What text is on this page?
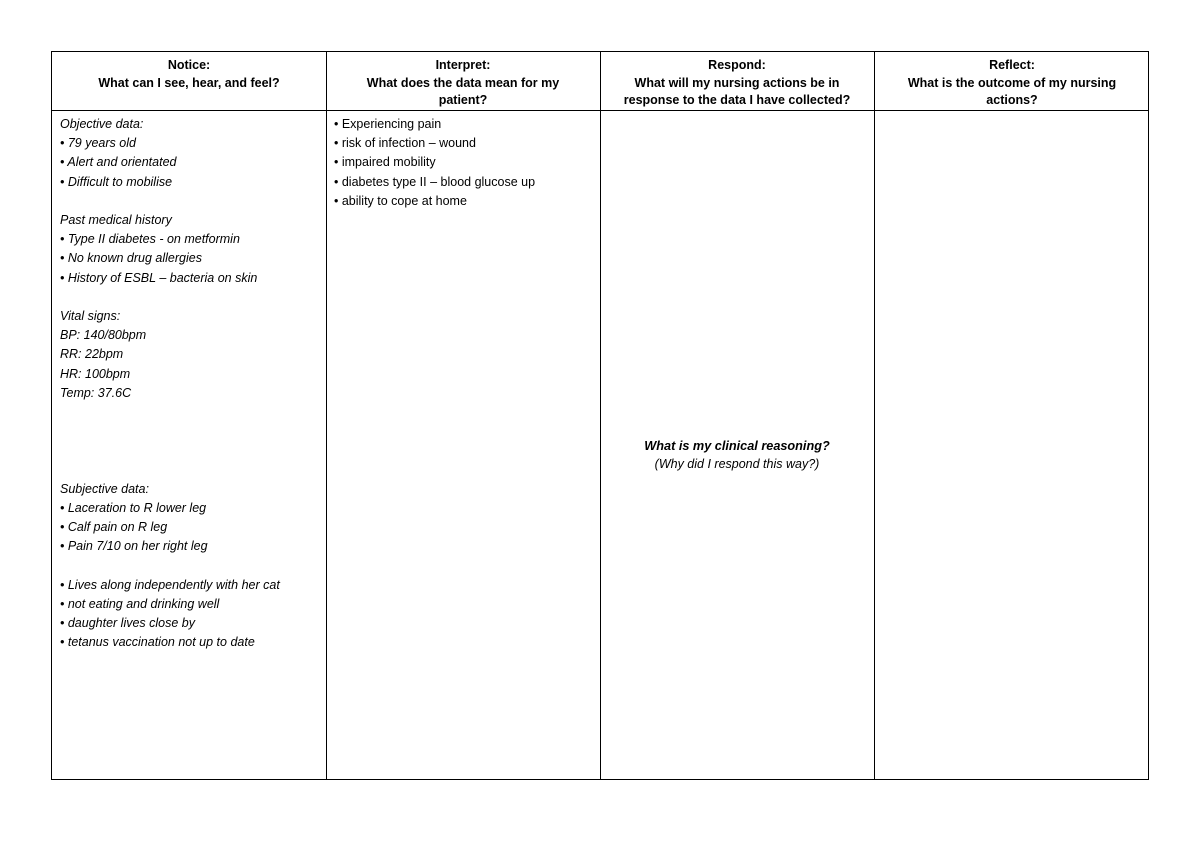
Notice:
What can I see, hear, and feel?
Interpret:
What does the data mean for my patient?
Respond:
What will my nursing actions be in response to the data I have collected?
Reflect:
What is the outcome of my nursing actions?
Objective data:
• 79 years old
• Alert and orientated
• Difficult to mobilise
Past medical history
• Type II diabetes - on metformin
• No known drug allergies
• History of ESBL – bacteria on skin
Vital signs:
BP: 140/80bpm
RR: 22bpm
HR: 100bpm
Temp: 37.6C
Subjective data:
• Laceration to R lower leg
• Calf pain on R leg
• Pain 7/10 on her right leg
• Lives along independently with her cat
• not eating and drinking well
• daughter lives close by
• tetanus vaccination not up to date
• Experiencing pain
• risk of infection – wound
• impaired mobility
• diabetes type II – blood glucose up
• ability to cope at home
What is my clinical reasoning?
(Why did I respond this way?)
